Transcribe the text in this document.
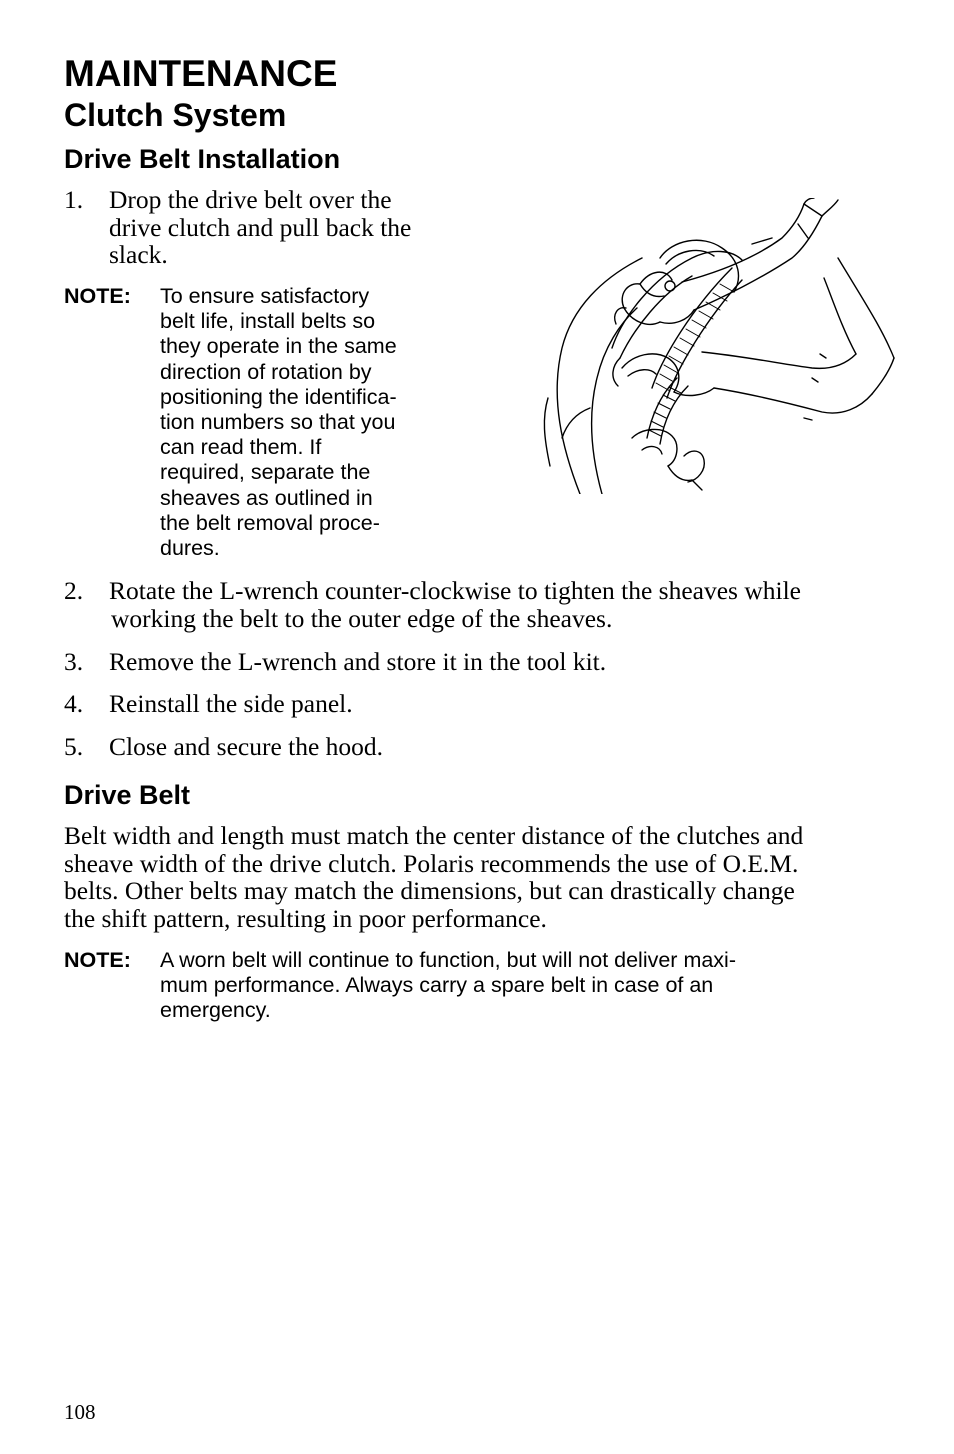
MAINTENANCE
Clutch System
Drive Belt Installation
1.	Drop the drive belt over the
drive clutch and pull back the
slack.
NOTE:	To ensure satisfactory
belt life, install belts so
they operate in the same
direction of rotation by
positioning the identifica-
tion numbers so that you
can read them. If
required, separate the
sheaves as outlined in
the belt removal proce-
dures.
2.	Rotate the L-wrench counter-clockwise to tighten the sheaves while
working the belt to the outer edge of the sheaves.
3.	Remove the L-wrench and store it in the tool kit.
4.	Reinstall the side panel.
5.	Close and secure the hood.
Drive Belt
Belt width and length must match the center distance of the clutches and
sheave width of the drive clutch. Polaris recommends the use of O.E.M.
belts. Other belts may match the dimensions, but can drastically change
the shift pattern, resulting in poor performance.
NOTE:	A worn belt will continue to function, but will not deliver maxi-
mum performance. Always carry a spare belt in case of an
emergency.
108
